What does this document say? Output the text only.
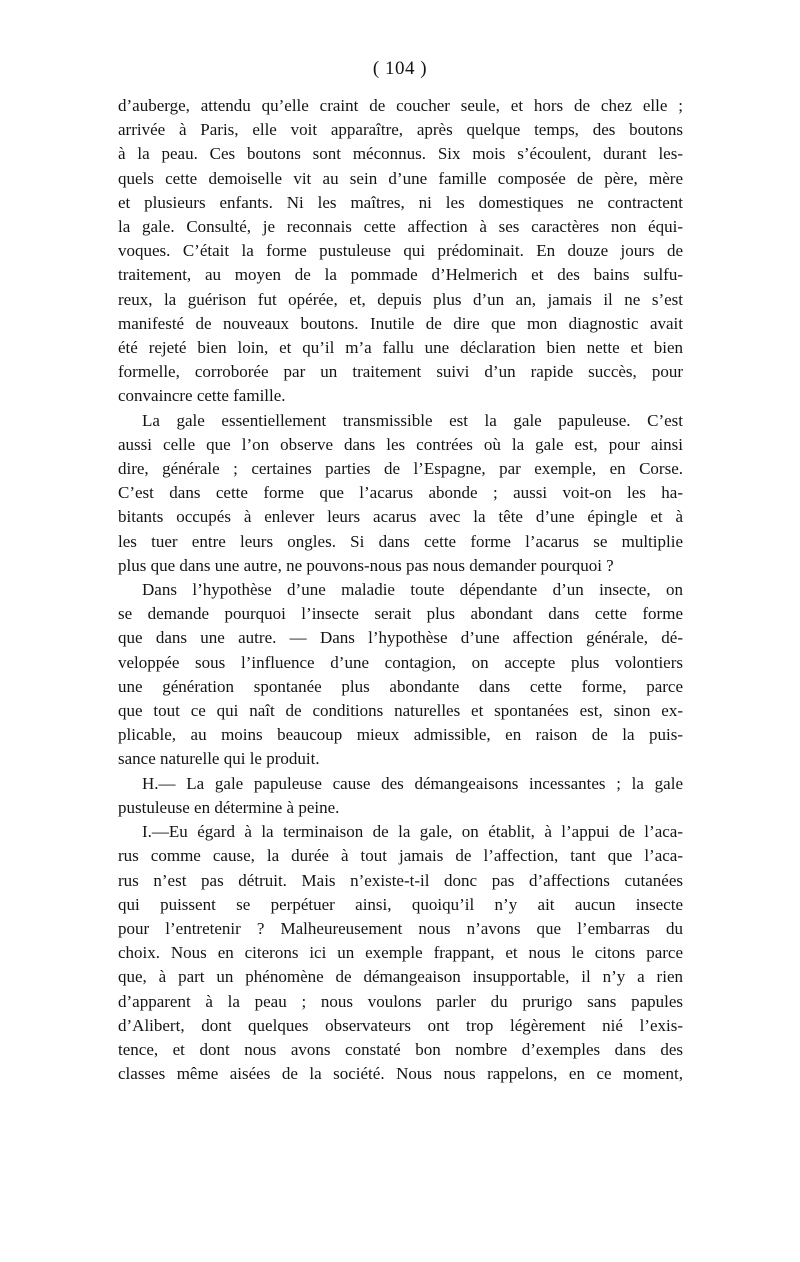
( 104 )

d’auberge, attendu qu’elle craint de coucher seule, et hors de chez elle ;
arrivée à Paris, elle voit apparaître, après quelque temps, des boutons
à la peau. Ces boutons sont méconnus. Six mois s’écoulent, durant les-
quels cette demoiselle vit au sein d’une famille composée de père, mère
et plusieurs enfants. Ni les maîtres, ni les domestiques ne contractent
la gale. Consulté, je reconnais cette affection à ses caractères non équi-
voques. C’était la forme pustuleuse qui prédominait. En douze jours de
traitement, au moyen de la pommade d’Helmerich et des bains sulfu-
reux, la guérison fut opérée, et, depuis plus d’un an, jamais il ne s’est
manifesté de nouveaux boutons. Inutile de dire que mon diagnostic avait
été rejeté bien loin, et qu’il m’a fallu une déclaration bien nette et bien
formelle, corroborée par un traitement suivi d’un rapide succès, pour
convaincre cette famille.

La gale essentiellement transmissible est la gale papuleuse. C’est
aussi celle que l’on observe dans les contrées où la gale est, pour ainsi
dire, générale ; certaines parties de l’Espagne, par exemple, en Corse.
C’est dans cette forme que l’acarus abonde ; aussi voit-on les ha-
bitants occupés à enlever leurs acarus avec la tête d’une épingle et à
les tuer entre leurs ongles. Si dans cette forme l’acarus se multiplie
plus que dans une autre, ne pouvons-nous pas nous demander pourquoi ?

Dans l’hypothèse d’une maladie toute dépendante d’un insecte, on
se demande pourquoi l’insecte serait plus abondant dans cette forme
que dans une autre. — Dans l’hypothèse d’une affection générale, dé-
veloppée sous l’influence d’une contagion, on accepte plus volontiers
une génération spontanée plus abondante dans cette forme, parce
que tout ce qui naît de conditions naturelles et spontanées est, sinon ex-
plicable, au moins beaucoup mieux admissible, en raison de la puis-
sance naturelle qui le produit.

H.— La gale papuleuse cause des démangeaisons incessantes ; la gale
pustuleuse en détermine à peine.

I.—Eu égard à la terminaison de la gale, on établit, à l’appui de l’aca-
rus comme cause, la durée à tout jamais de l’affection, tant que l’aca-
rus n’est pas détruit. Mais n’existe-t-il donc pas d’affections cutanées
qui puissent se perpétuer ainsi, quoiqu’il n’y ait aucun insecte
pour l’entretenir ? Malheureusement nous n’avons que l’embarras du
choix. Nous en citerons ici un exemple frappant, et nous le citons parce
que, à part un phénomène de démangeaison insupportable, il n’y a rien
d’apparent à la peau ; nous voulons parler du prurigo sans papules
d’Alibert, dont quelques observateurs ont trop légèrement nié l’exis-
tence, et dont nous avons constaté bon nombre d’exemples dans des
classes même aisées de la société. Nous nous rappelons, en ce moment,
